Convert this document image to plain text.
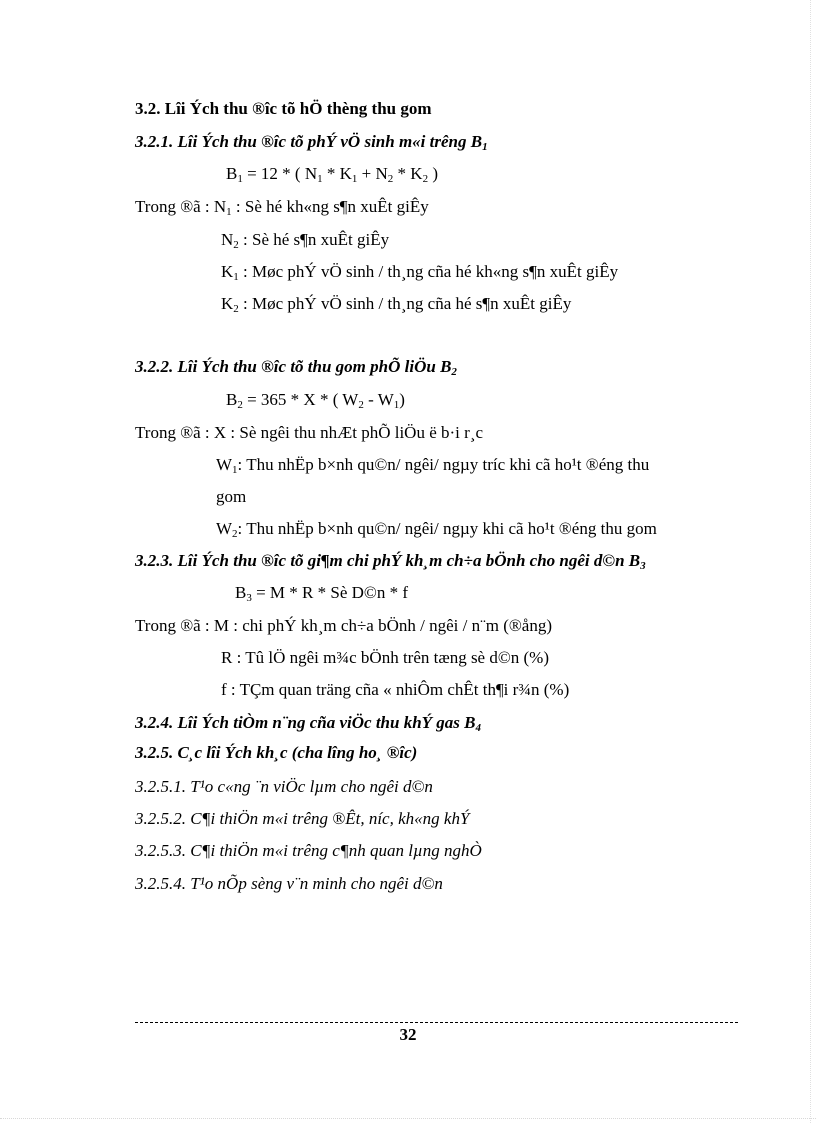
3.2. Lîi Ých thu ®îc tõ hÖ thèng thu gom
3.2.1. Lîi Ých thu ®îc tõ phÝ vÖ sinh m«i trêng $B_1$
$B_1 = 12$ * ( $N_1 * K_1 + N_2 * K_2$ )
Trong ®ã : $N_1$ : Sè hé kh«ng s¶n xuÊt giÊy
$N_2$ : Sè hé s¶n xuÊt giÊy
$K_1$ : Møc phÝ vÖ sinh / th¸ng cña hé kh«ng s¶n xuÊt giÊy
$K_2$ : Møc phÝ vÖ sinh / th¸ng cña hé s¶n xuÊt giÊy
3.2.2. Lîi Ých thu ®îc tõ thu gom phÕ liÖu $B_2$
$B_2 = 365 * X$ * ( $W_2 - W_1$)
Trong ®ã : X : Sè ngêi thu nhÆt phÕ liÖu ë b·i r¸c
$W_1$: Thu nhËp b×nh qu©n/ ngêi/ ngµy tríc khi cã ho¹t ®éng thu
gom
$W_2$: Thu nhËp b×nh qu©n/ ngêi/ ngµy khi cã ho¹t ®éng thu gom
3.2.3. Lîi Ých thu ®îc tõ gi¶m chi phÝ kh¸m ch÷a bÖnh cho ngêi d©n $B_3$
$B_3 = M * R$ * Sè D©n * f
Trong ®ã : M : chi phÝ kh¸m ch÷a bÖnh / ngêi / n¨m (®ång)
R : Tû lÖ ngêi m¾c bÖnh trên tæng sè d©n (%)
f : TÇm quan träng cña « nhiÔm chÊt th¶i r¾n (%)
3.2.4. Lîi Ých tiÒm n¨ng cña viÖc thu khÝ gas $B_4$
3.2.5. C¸c lîi Ých kh¸c (cha lîng ho¸ ®îc)
3.2.5.1. T¹o c«ng ¨n viÖc lµm cho ngêi d©n
3.2.5.2. C¶i thiÖn m«i trêng ®Êt, níc, kh«ng khÝ
3.2.5.3. C¶i thiÖn m«i trêng c¶nh quan lµng nghÒ
3.2.5.4. T¹o nÕp sèng v¨n minh cho ngêi d©n
32
